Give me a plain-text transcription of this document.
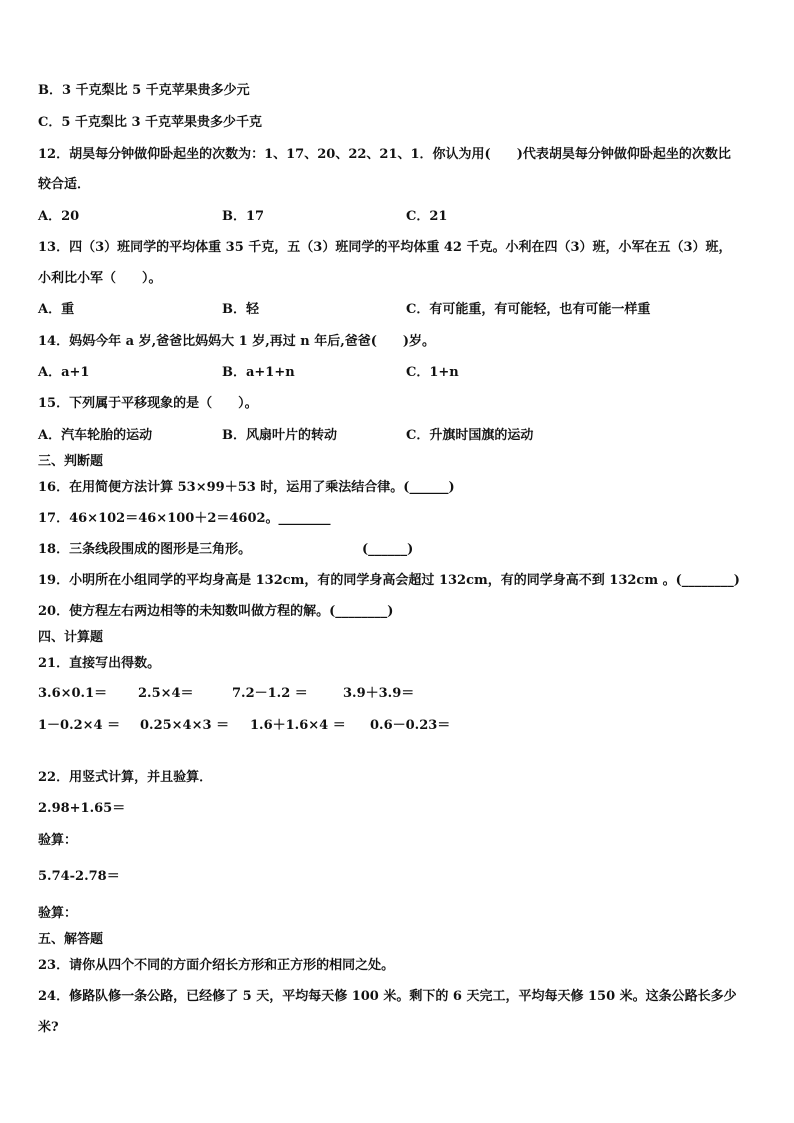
B．3 千克梨比 5 千克苹果贵多少元
C．5 千克梨比 3 千克苹果贵多少千克
12．胡昊每分钟做仰卧起坐的次数为：1、17、20、22、21、1．你认为用(　　)代表胡昊每分钟做仰卧起坐的次数比
较合适．
A．20	B．17	C．21
13．四（3）班同学的平均体重 35 千克，五（3）班同学的平均体重 42 千克。小利在四（3）班，小军在五（3）班，
小利比小军（　　）。
A．重	B．轻	C．有可能重，有可能轻，也有可能一样重
14．妈妈今年 a 岁,爸爸比妈妈大 1 岁,再过 n 年后,爸爸(　　)岁。
A．a+1	B．a+1+n	C．1+n
15．下列属于平移现象的是（　　）。
A．汽车轮胎的运动	B．风扇叶片的转动	C．升旗时国旗的运动
三、判断题
16．在用简便方法计算 53×99＋53 时，运用了乘法结合律。(______)
17．46×102＝46×100＋2＝4602。________
18．三条线段围成的图形是三角形。	(______)
19．小明所在小组同学的平均身高是 132cm，有的同学身高会超过 132cm，有的同学身高不到 132cm 。(________)
20．使方程左右两边相等的未知数叫做方程的解。(________)
四、计算题
21．直接写出得数。
3.6×0.1＝ 2.5×4＝	7.2－1.2 ＝	3.9＋3.9＝
1－0.2×4 ＝ 0.25×4×3 ＝ 1.6＋1.6×4 ＝ 0.6－0.23＝
22．用竖式计算，并且验算．
2.98+1.65＝
验算：
5.74-2.78＝
验算：
五、解答题
23．请你从四个不同的方面介绍长方形和正方形的相同之处。
24．修路队修一条公路，已经修了 5 天，平均每天修 100 米。剩下的 6 天完工，平均每天修 150 米。这条公路长多少
米?
